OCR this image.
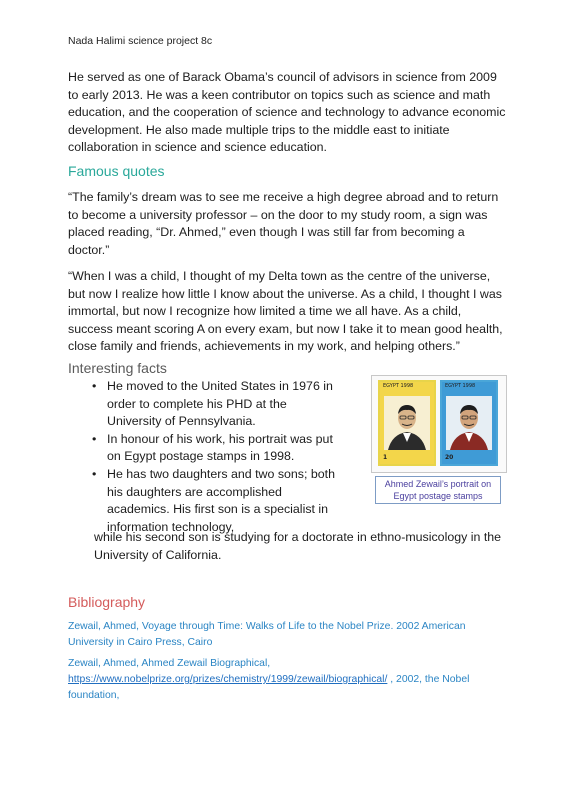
Nada Halimi science project 8c
He served as one of Barack Obama’s council of advisors in science from 2009 to early 2013. He was a keen contributor on topics such as science and math education, and the cooperation of science and technology to advance economic development. He also made multiple trips to the middle east to initiate collaboration in science and science education.
Famous quotes
“The family’s dream was to see me receive a high degree abroad and to return to become a university professor – on the door to my study room, a sign was placed reading, “Dr. Ahmed,” even though I was still far from becoming a doctor.”
“When I was a child, I thought of my Delta town as the centre of the universe, but now I realize how little I know about the universe. As a child, I thought I was immortal, but now I recognize how limited a time we all have. As a child, success meant scoring A on every exam, but now I take it to mean good health, close family and friends, achievements in my work, and helping others.”
Interesting facts
• He moved to the United States in 1976 in order to complete his PHD at the University of Pennsylvania.
• In honour of his work, his portrait was put on Egypt postage stamps in 1998.
• He has two daughters and two sons; both his daughters are accomplished academics. His first son is a specialist in information technology,
while his second son is studying for a doctorate in ethno-musicology in the University of California.
EGYPT 1998
1
EGYPT 1998
20
Ahmed Zewail’s portrait on Egypt postage stamps
Bibliography
Zewail, Ahmed, Voyage through Time: Walks of Life to the Nobel Prize. 2002 American University in Cairo Press, Cairo
Zewail, Ahmed, Ahmed Zewail Biographical,
https://www.nobelprize.org/prizes/chemistry/1999/zewail/biographical/ , 2002, the Nobel foundation,
